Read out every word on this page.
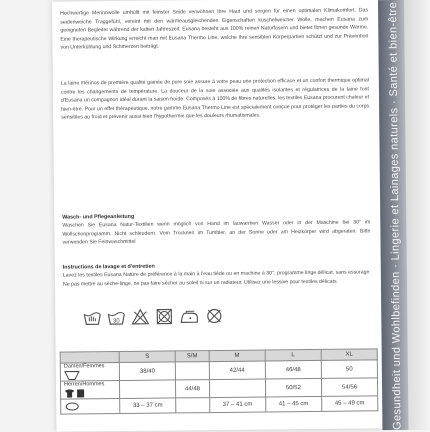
Hochwertige Merinowolle umhüllt mit feinster Seide verwöhnen Ihre Haut und sorgen für einen optimalen Klimakomfort. Das seidenweiche Traggefühl, vereint mit den wärmeausgleichenden Eigenschaften kuschelweicher Wolle, machen Eusana zum geeigneten Begleiter während der kalten Jahreszeit. Eusana besteht aus 100% reinen Naturfasern und bietet Ihnen gesunde Wärme. Eine therapeutische Wirkung erreicht man mit Eusana Thermo Line, welche Ihre sensiblen Körperpartien schützt und zur Prävention von Unterkühlung und Schmerzen beiträgt.
La laine mérinos de première qualité gainée de pure soie assure à votre peau une protection efficace et un confort thermique optimal contre les changements de température. La douceur de la soie associée aux qualités isolantes et régulatrices de la laine font d'Eusana un compagnon idéal durant la saison froide. Composés à 100% de fibres naturelles, les textiles Eusana procurent chaleur et bien-être. Pour un effet thérapeutique, notre gamme Eusana Thermo Line est spécialement conçue pour protéger les parties du corps sensibles au froid et prévenir aussi bien l'hypothermie que les douleurs rhumatismales.
Wasch- und Pflegeanleitung
Waschen Sie Eusana Natur-Textilien wenn möglich von Hand im lauwarmen Wasser oder in der Maschine bei 30° im Wollschonprogramm. Nicht schleudern. Vom Trocknen im Tumbler, an der Sonne oder am Heizkörper wird abgeraten. Bitte verwenden Sie Feinwaschmittel
Instructions de lavage et d'entretien
Lavez les textiles Eusana Nature de préférence à la main à l'eau tiède ou en machine à 30°, programme linge délicat, sans essorage. Ne pas mettre au sèche-linge, ne pas faire sécher au soleil ni sur un radiateur. Utilisez une lessive pour textiles délicats.
30
	S	S/M	M	L	XL

Damen/Femmes	38/40		42/44	46/48	50

Herren/Hommes		44/48		50/52	54/56

	33 – 37 cm		37 – 41 cm	41 – 45 cm	45 – 49 cm Gesundheit und Wohlbefinden · Lingerie et Lainages naturels · Santé et bien-être
